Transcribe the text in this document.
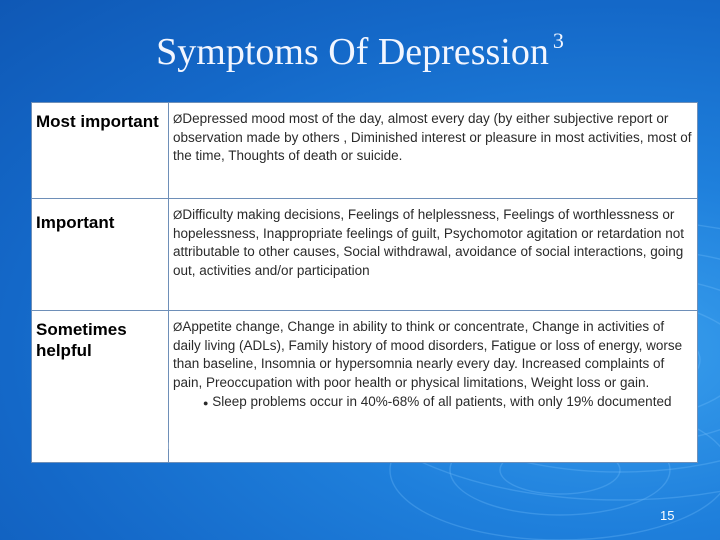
Symptoms Of Depression $^3$
Most important	ØDepressed mood most of the day, almost every day (by either subjective report or observation made by others , Diminished interest or pleasure in most activities, most of the time, Thoughts of death or suicide.
Important	ØDifficulty making decisions, Feelings of helplessness, Feelings of worthlessness or hopelessness, Inappropriate feelings of guilt, Psychomotor agitation or retardation not attributable to other causes, Social withdrawal, avoidance of social interactions, going out, activities and/or participation
Sometimes helpful	ØAppetite change, Change in ability to think or concentrate, Change in activities of daily living (ADLs), Family history of mood disorders, Fatigue or loss of energy, worse than baseline, Insomnia or hypersomnia nearly every day. Increased complaints of pain, Preoccupation with poor health or physical limitations, Weight loss or gain.
● Sleep problems occur in 40%-68% of all patients, with only 19% documented
Reference: Sleep: A Marker of Physical and Mental Health in the Elderly. Am. J. Geriatric Psychiatry. 14:10. 860-866. Oct. 2006
15
